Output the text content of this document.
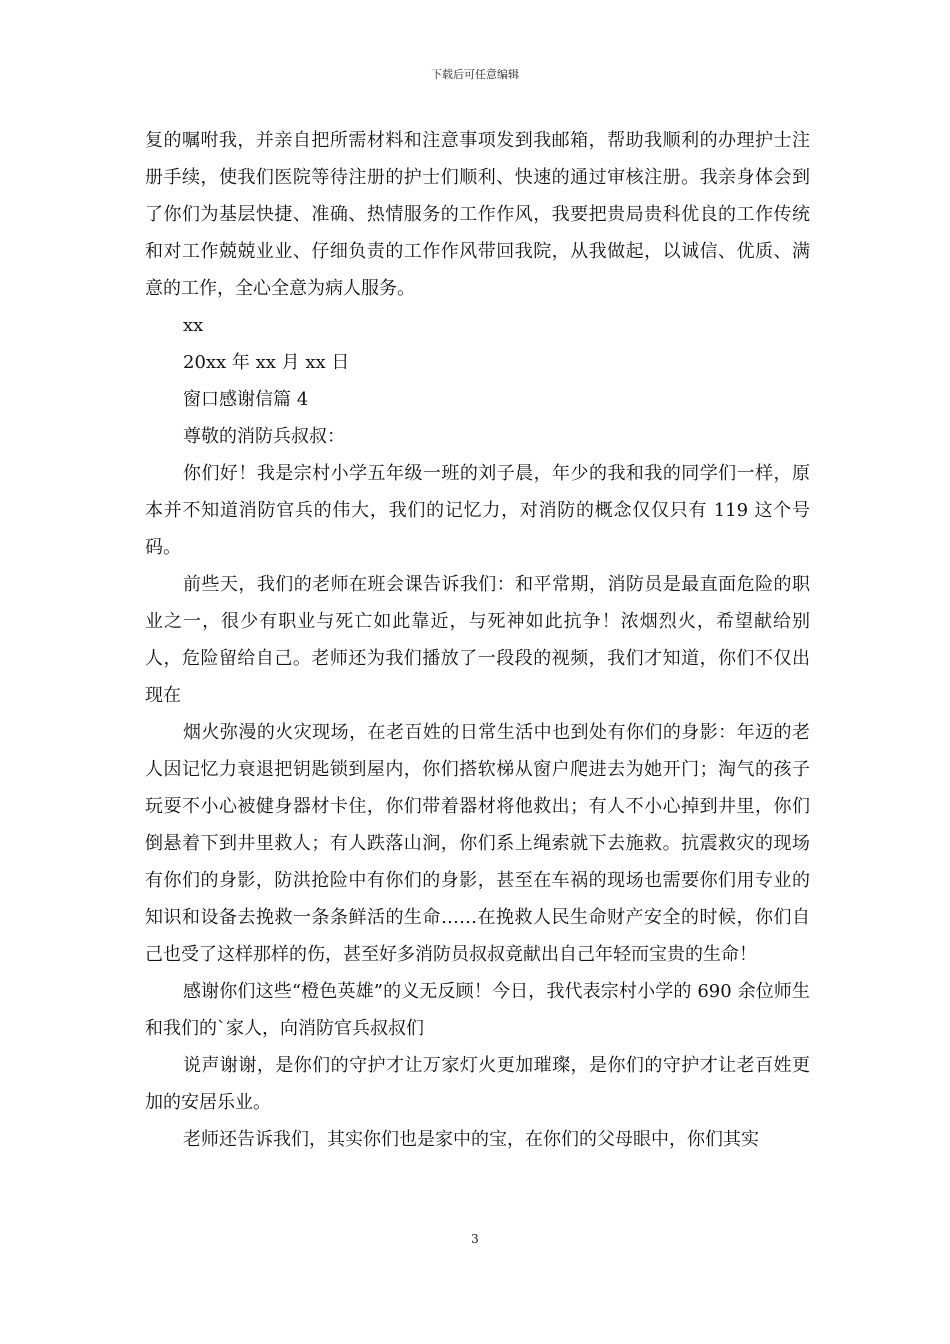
下载后可任意编辑

复的嘱咐我，并亲自把所需材料和注意事项发到我邮箱，帮助我顺利的办理护士注册手续，使我们医院等待注册的护士们顺利、快速的通过审核注册。我亲身体会到了你们为基层快捷、准确、热情服务的工作作风，我要把贵局贵科优良的工作传统和对工作兢兢业业、仔细负责的工作作风带回我院，从我做起，以诚信、优质、满意的工作，全心全意为病人服务。

xx

20xx 年 xx 月 xx 日

窗口感谢信篇 4

尊敬的消防兵叔叔：

你们好！我是宗村小学五年级一班的刘子晨，年少的我和我的同学们一样，原本并不知道消防官兵的伟大，我们的记忆力，对消防的概念仅仅只有 119 这个号码。

前些天，我们的老师在班会课告诉我们：和平常期，消防员是最直面危险的职业之一，很少有职业与死亡如此靠近，与死神如此抗争！浓烟烈火，希望献给别人，危险留给自己。老师还为我们播放了一段段的视频，我们才知道，你们不仅出现在

烟火弥漫的火灾现场，在老百姓的日常生活中也到处有你们的身影：年迈的老人因记忆力衰退把钥匙锁到屋内，你们搭软梯从窗户爬进去为她开门；淘气的孩子玩耍不小心被健身器材卡住，你们带着器材将他救出；有人不小心掉到井里，你们倒悬着下到井里救人；有人跌落山涧，你们系上绳索就下去施救。抗震救灾的现场有你们的身影，防洪抢险中有你们的身影，甚至在车祸的现场也需要你们用专业的知识和设备去挽救一条条鲜活的生命……在挽救人民生命财产安全的时候，你们自己也受了这样那样的伤，甚至好多消防员叔叔竟献出自己年轻而宝贵的生命！

感谢你们这些“橙色英雄”的义无反顾！今日，我代表宗村小学的 690 余位师生和我们的`家人，向消防官兵叔叔们

说声谢谢，是你们的守护才让万家灯火更加璀璨，是你们的守护才让老百姓更加的安居乐业。

老师还告诉我们，其实你们也是家中的宝，在你们的父母眼中，你们其实

3
